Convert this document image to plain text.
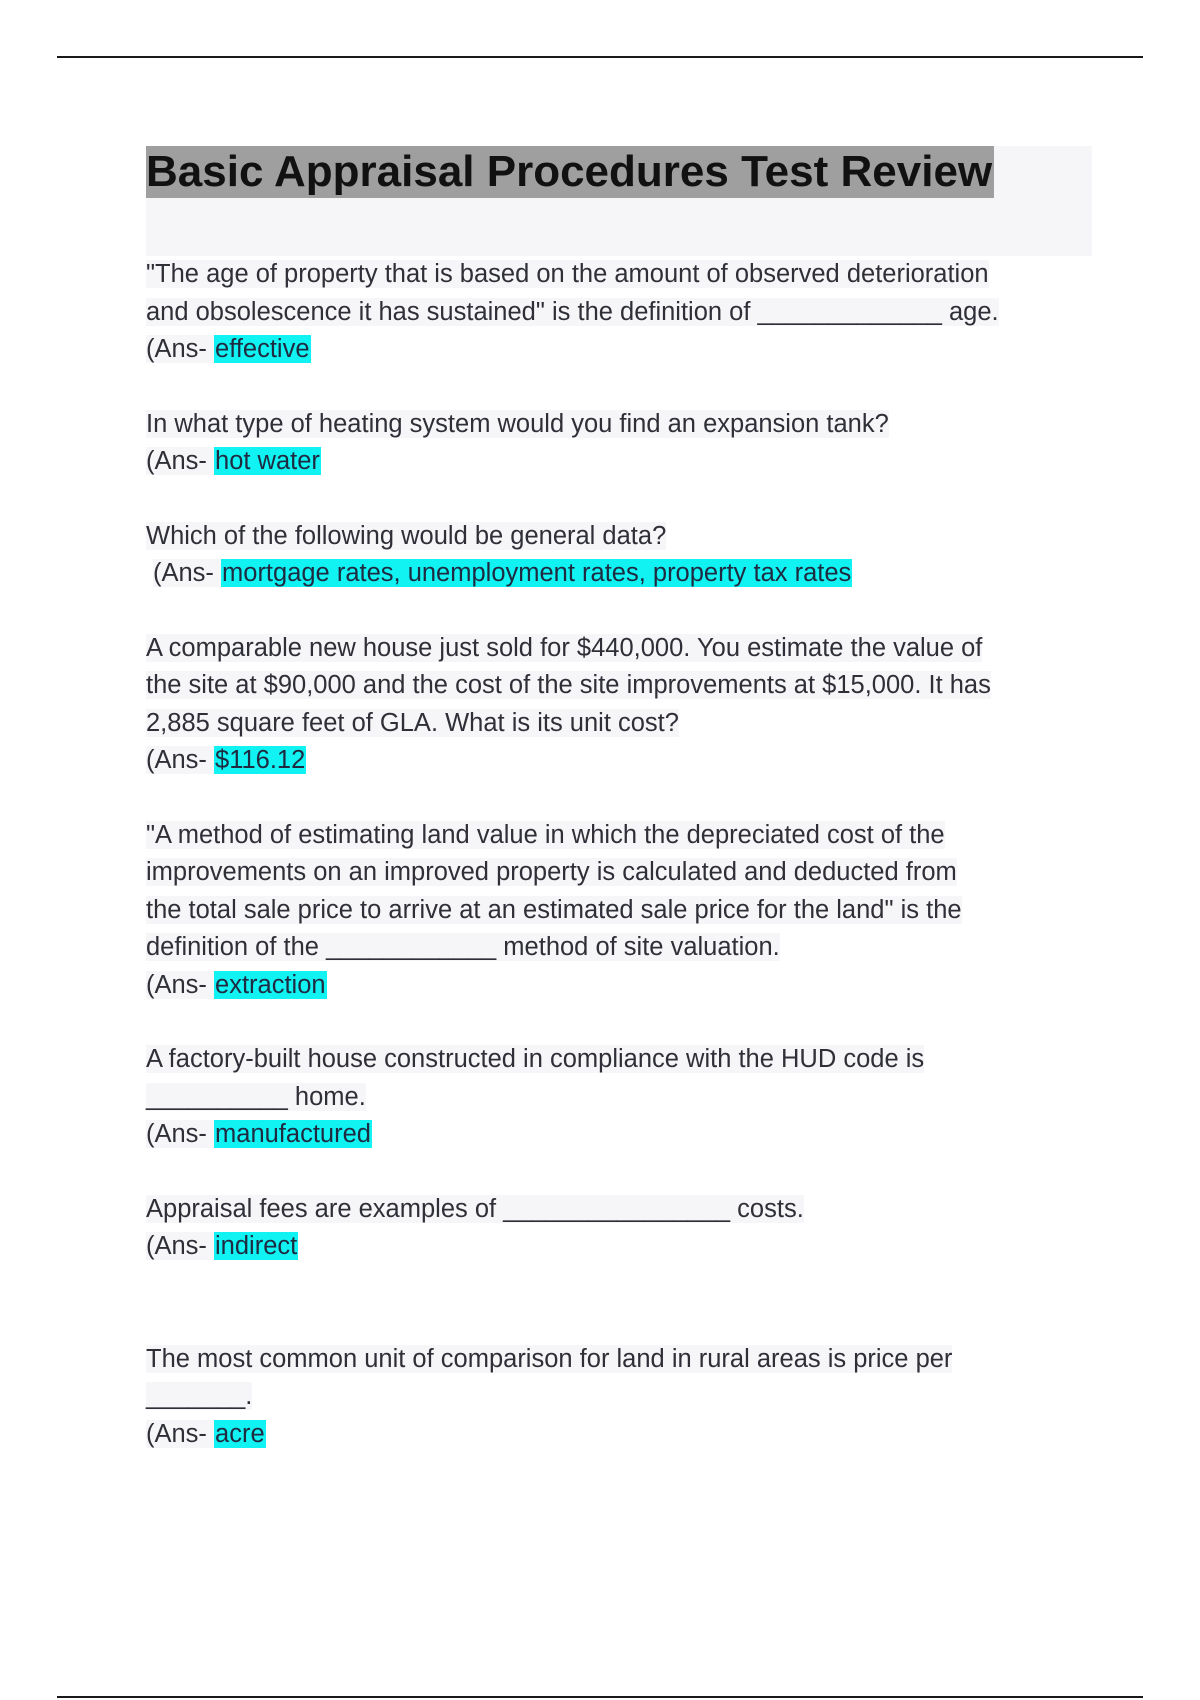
Basic Appraisal Procedures Test Review
"The age of property that is based on the amount of observed deterioration
and obsolescence it has sustained" is the definition of _____________ age.
(Ans- effective
In what type of heating system would you find an expansion tank?
(Ans- hot water
Which of the following would be general data?
(Ans- mortgage rates, unemployment rates, property tax rates
A comparable new house just sold for $440,000. You estimate the value of
the site at $90,000 and the cost of the site improvements at $15,000. It has
2,885 square feet of GLA. What is its unit cost?
(Ans- $116.12
"A method of estimating land value in which the depreciated cost of the
improvements on an improved property is calculated and deducted from
the total sale price to arrive at an estimated sale price for the land" is the
definition of the ____________ method of site valuation.
(Ans- extraction
A factory-built house constructed in compliance with the HUD code is
__________ home.
(Ans- manufactured
Appraisal fees are examples of ________________ costs.
(Ans- indirect
The most common unit of comparison for land in rural areas is price per
_______.
(Ans- acre
